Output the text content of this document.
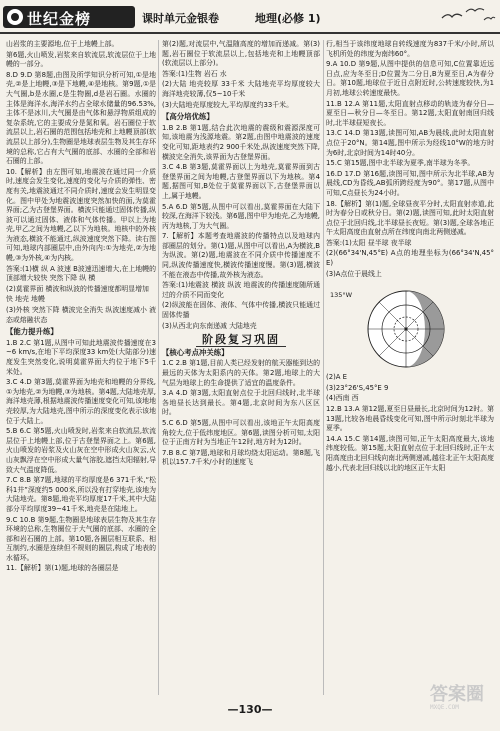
世纪金榜	课时单元金银卷	地理(必修 1)

山岩浆的主要源地,位于上地幔上部。

第6题,火山喷发,岩浆来自软流层,软流层位于上地幔的一部分。

8.D 9.D 第8题,由图及所学知识分析可知,①是地壳,②是上地幔,③是下地幔,④是地核。第9题,①是大气圈,b是水圈,c是生物圈,d是岩石圈。水圈的主体是海洋水,海洋水约占全球水储量的96.53%,主体不是冰川,大气圈是由气体和悬浮物质组成的复杂系统,它的主要成分是氮和氧。岩石圈位于软流层以上,岩石圈的范围包括地壳和上地幔顶部(软流层以上部分),生物圈是地球表层生物及其生存环境的总称,它占有大气圈的底部、水圈的全部和岩石圈的上部。

10.【解析】由左图可知,地震波在通过同一介质时,速度会发生变化,速度的变化与介质的弹性、密度有关,地震波通过不同介质时,速度会发生明显变化。图中甲处为地震波速度突然加快的面,为莫霍界面;乙为古登堡界面。横波只能通过固体传播,纵波可以通过固体、液体和气体传播。甲以上为地壳,甲乙之间为地幔,乙以下为地核。地核中的外核为液态,横波不能通过,纵波速度突然下降。读右图可知,地球内部圈层中,由外向内:①为地壳,②为地幔,③为外核,④为内核。

答案:(1)横 纵 A 波速 B波速迅速增大,在上地幔的顶部增大较快 突然下降 纵 横

(2)莫霍界面 横波和纵波的传播速度都明显增加

快 地壳 地幔

(3)外核 突然下降 横波完全消失 纵波速度减小 液态或熔融状态

【能力提升练】

1.B 2.C 第1题,从图中可知此地震波传播速度在3~6 km/s,在地下平均深度33 km处(大陆部分)速度发生突然变化,说明莫霍界面大约位于地下5千米处。

3.C 4.D 第3题,莫霍界面为地壳和地幔的分界线,①为地壳,②为地幔,③为地核。第4题,大陆地壳厚,海洋地壳薄,根据地震波传播速度变化可知,该地地壳较厚,为大陆地壳,图中所示的深度变化表示该地位于大陆上。

5.B 6.C 第5题,火山喷发时,岩浆来自软流层,软流层位于上地幔上部,位于古登堡界面之上。第6题,火山喷发的岩浆及火山灰在空中形成火山灰云,火山灰飘浮在空中形成大量气溶胶,遮挡太阳辐射,导致大气温度降低。

7.C 8.B 第7题,地球的平均厚度是6 371千米,“松科1井”深度约5 000米,所以没有打穿地壳,该地为大陆地壳。第8题,地壳平均厚度17千米,其中大陆部分平均厚度39~41千米,地壳是在陆地上。

9.C 10.B 第9题,生物圈是地球表层生物及其生存环境的总称,生物圈位于大气圈的底部、水圈的全部和岩石圈的上部。第10题,各圈层相互联系、相互制约,水圈是连续但不规则的圈层,构成了地表的水循环。

11.【解析】第(1)题,地球的各圈层是

第(2)题,对流层中,气温随高度的增加而递减。第(3)题,岩石圈位于软流层以上,包括地壳和上地幔顶部(软流层以上部分)。

答案:(1)生物 岩石 水

(2)大陆 地壳较厚 33千米 大陆地壳平均厚度较大 海洋地壳较薄,仅5~10千米

(3)大陆地壳厚度较大,平均厚度约33千米。

【高分培优练】

1.B 2.B 第1题,结合此次地震的震级和震源深度可知,该地震为浅源地震。第2题,由图中地震波的速度变化可知,距地表约2 900千米处,纵波速度突然下降,横波完全消失,该界面为古登堡界面。

3.C 4.B 第3题,莫霍界面以上为地壳,莫霍界面到古登堡界面之间为地幔,古登堡界面以下为地核。第4题,据图可知,B处位于莫霍界面以下,古登堡界面以上,属于地幔。

5.A 6.D 第5题,从图中可以看出,莫霍界面在大陆下较深,在海洋下较浅。第6题,图中甲为地壳,乙为地幔,丙为地核,丁为大气圈。

7.【解析】本题考查地震波的传播特点以及地球内部圈层的划分。第(1)题,从图中可以看出,A为横波,B为纵波。第(2)题,地震波在不同介质中传播速度不同,纵波传播速度快,横波传播速度慢。第(3)题,横波不能在液态中传播,故外核为液态。

答案:(1)地震波 横波 纵波 地震波的传播速度随所通过的介质不同而变化

(2)纵波能在固体、液体、气体中传播,横波只能通过固体传播

(3)从西北向东南递减 大陆地壳

阶段复习巩固

【核心考点冲关练】

1.C 2.B 第1题,目前人类已经发射的航天器能到达的最远的天体为太阳系内的天体。第2题,地球上的大气层为地球上的生命提供了适宜的温度条件。

3.A 4.D 第3题,太阳直射点位于北回归线时,北半球各地昼长达到最长。第4题,北京时间为东八区区时。

5.C 6.D 第5题,从图中可以看出,该地正午太阳高度角较大,位于低纬度地区。第6题,读图分析可知,太阳位于正南方时为当地正午12时,地方时为12时。

7.B 8.C 第7题,地球和月球均绕太阳运动。第8题,飞机以157.7千米/小时的速度飞

行,相当于该纬度地球自转线速度为837千米/小时,所以飞机所处的纬度为南纬60°。

9.A 10.D 第9题,从图中提供的信息可知,C位置靠近远日点,应为冬至日;D位置为二分日,B为夏至日,A为春分日。第10题,地球位于近日点附近时,公转速度较快,为1月初,地球公转速度最快。

11.B 12.A 第11题,太阳直射点移动的轨迹为春分日—夏至日—秋分日—冬至日。第12题,太阳直射南回归线时,北半球昼短夜长。

13.C 14.D 第13题,读图可知,AB为晨线,此时太阳直射点位于20°N。第14题,图中所示为经线10°W的地方时为6时,北京时间为14时40分。

15.C 第15题,图中北半球为夏季,南半球为冬季。

16.D 17.D 第16题,读图可知,图中所示为北半球,AB为晨线,CD为昏线,AB弧所跨经度为90°。第17题,从图中可知,C点昼长为24小时。

18.【解析】第(1)题,全球昼夜平分时,太阳直射赤道,此时为春分日或秋分日。第(2)题,读图可知,此时太阳直射点位于北回归线,北半球昼长夜短。第(3)题,全球各地正午太阳高度由直射点所在纬度向南北两侧递减。

答案:(1)太阳 昼半球 夜半球

(2)(66°34'N,45°E) A点的地理坐标为(66°34'N,45°E)

(3)A点位于晨线上

135°W

(2)A E

(3)23°26'S,45°E 9

(4)西南 西

12.B 13.A 第12题,夏至日昼最长,北京时间为12时。第13题,比较各地晨昏线变化可知,图中所示时刻北半球为夏季。

14.A 15.C 第14题,读图可知,正午太阳高度最大,该地纬度较低。第15题,太阳直射点位于北回归线时,正午太阳高度由北回归线向南北两侧递减,越往北正午太阳高度越小,代表北回归线以北的地区正午太阳

—130—
答案圈
MXQE.COM
